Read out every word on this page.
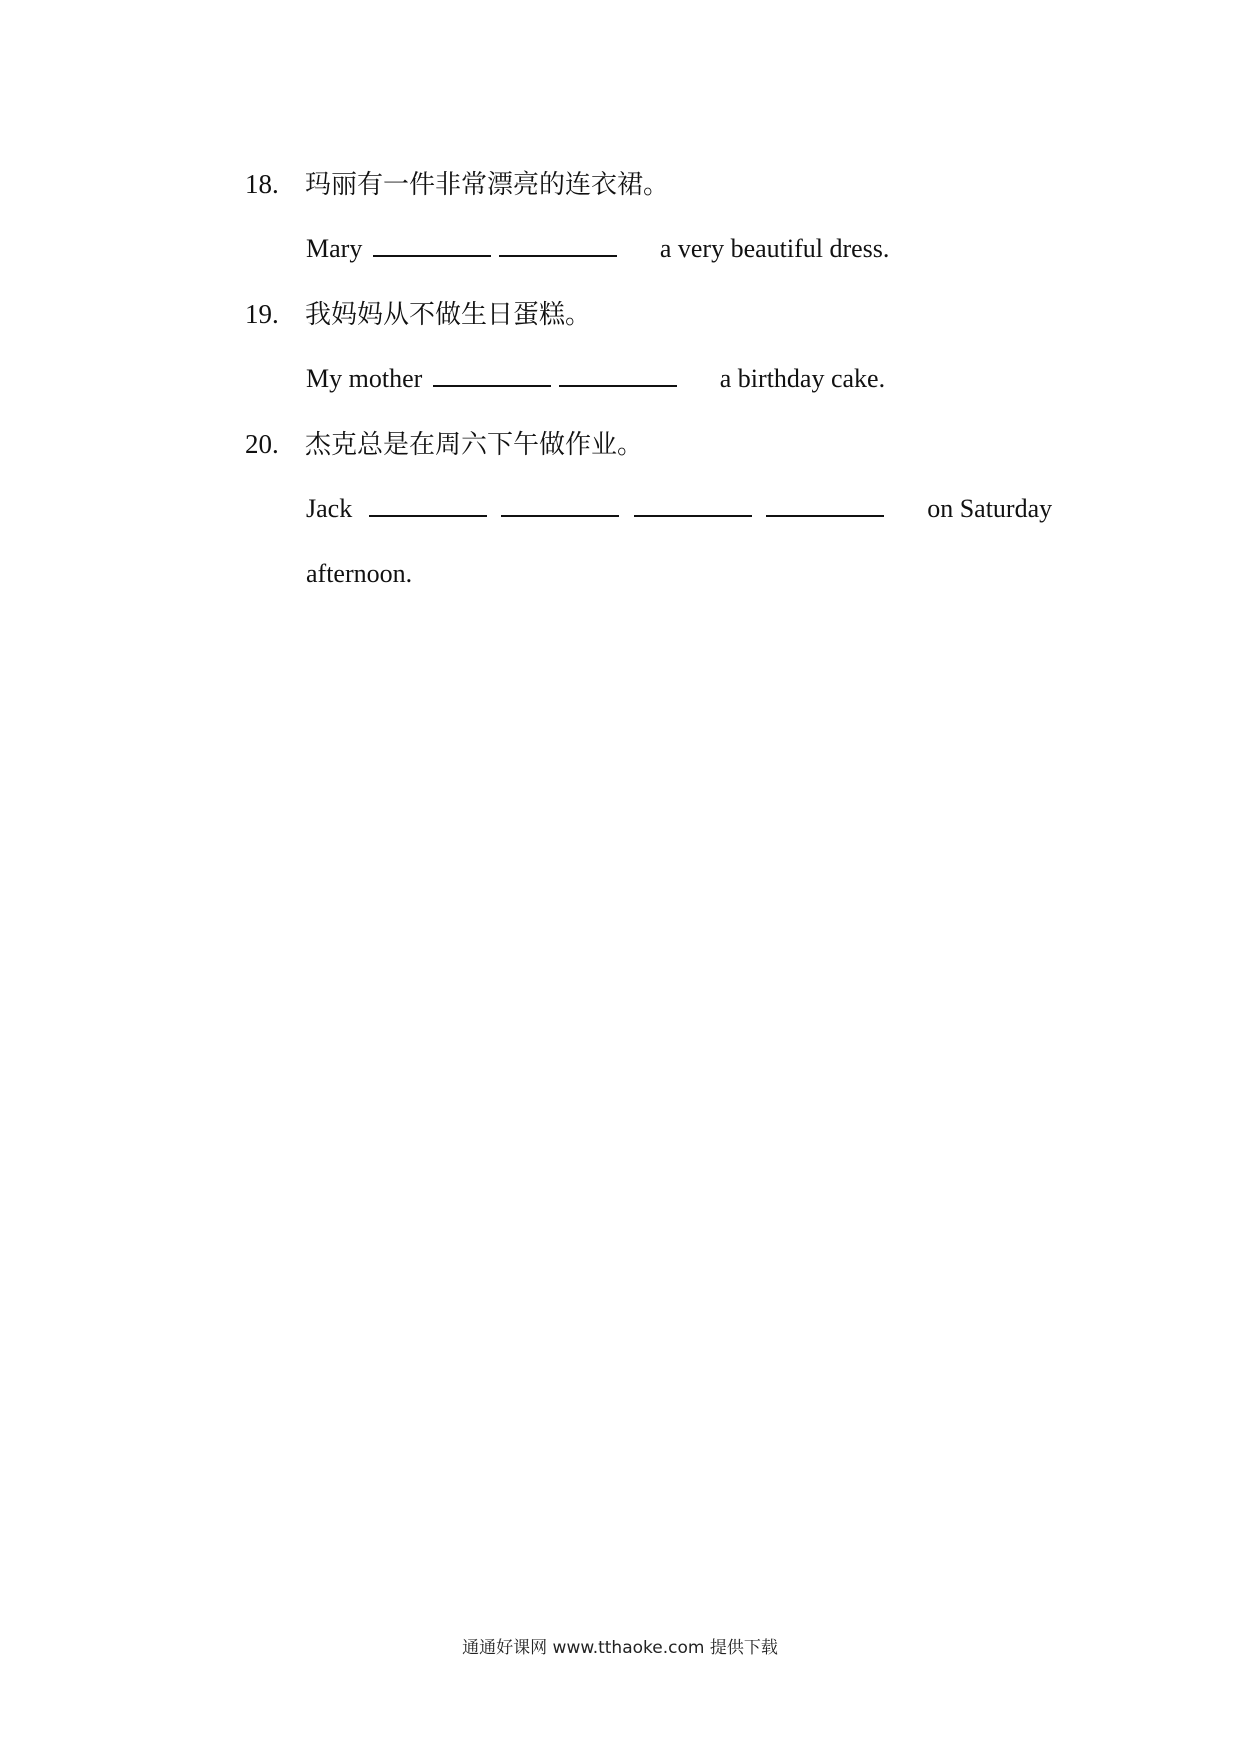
18. 玛丽有一件非常漂亮的连衣裙。
Mary	a very beautiful dress.
19. 我妈妈从不做生日蛋糕。
My mother	a birthday cake.
20. 杰克总是在周六下午做作业。
Jack	on Saturday
afternoon.
通通好课网 www.tthaoke.com 提供下载
